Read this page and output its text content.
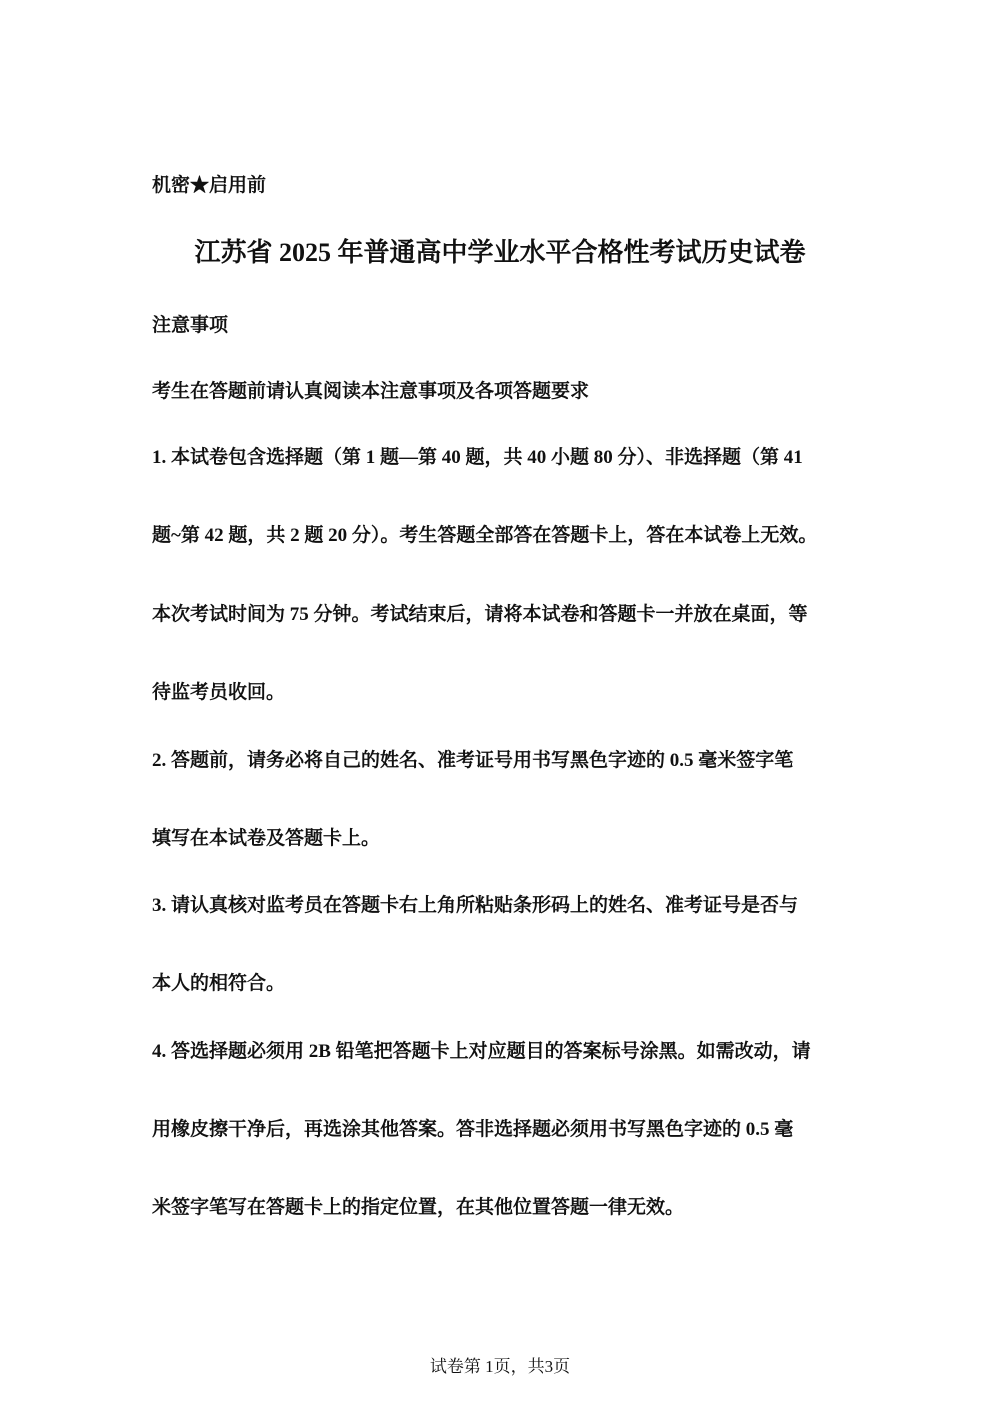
机密★启用前
江苏省 2025 年普通高中学业水平合格性考试历史试卷
注意事项
考生在答题前请认真阅读本注意事项及各项答题要求
1. 本试卷包含选择题（第 1 题—第 40 题，共 40 小题 80 分）、非选择题（第 41
题~第 42 题，共 2 题 20 分）。考生答题全部答在答题卡上，答在本试卷上无效。
本次考试时间为 75 分钟。考试结束后，请将本试卷和答题卡一并放在桌面，等
待监考员收回。
2. 答题前，请务必将自己的姓名、准考证号用书写黑色字迹的 0.5 毫米签字笔
填写在本试卷及答题卡上。
3. 请认真核对监考员在答题卡右上角所粘贴条形码上的姓名、准考证号是否与
本人的相符合。
4. 答选择题必须用 2B 铅笔把答题卡上对应题目的答案标号涂黑。如需改动，请
用橡皮擦干净后，再选涂其他答案。答非选择题必须用书写黑色字迹的 0.5 毫
米签字笔写在答题卡上的指定位置，在其他位置答题一律无效。
试卷第 1页，共3页
